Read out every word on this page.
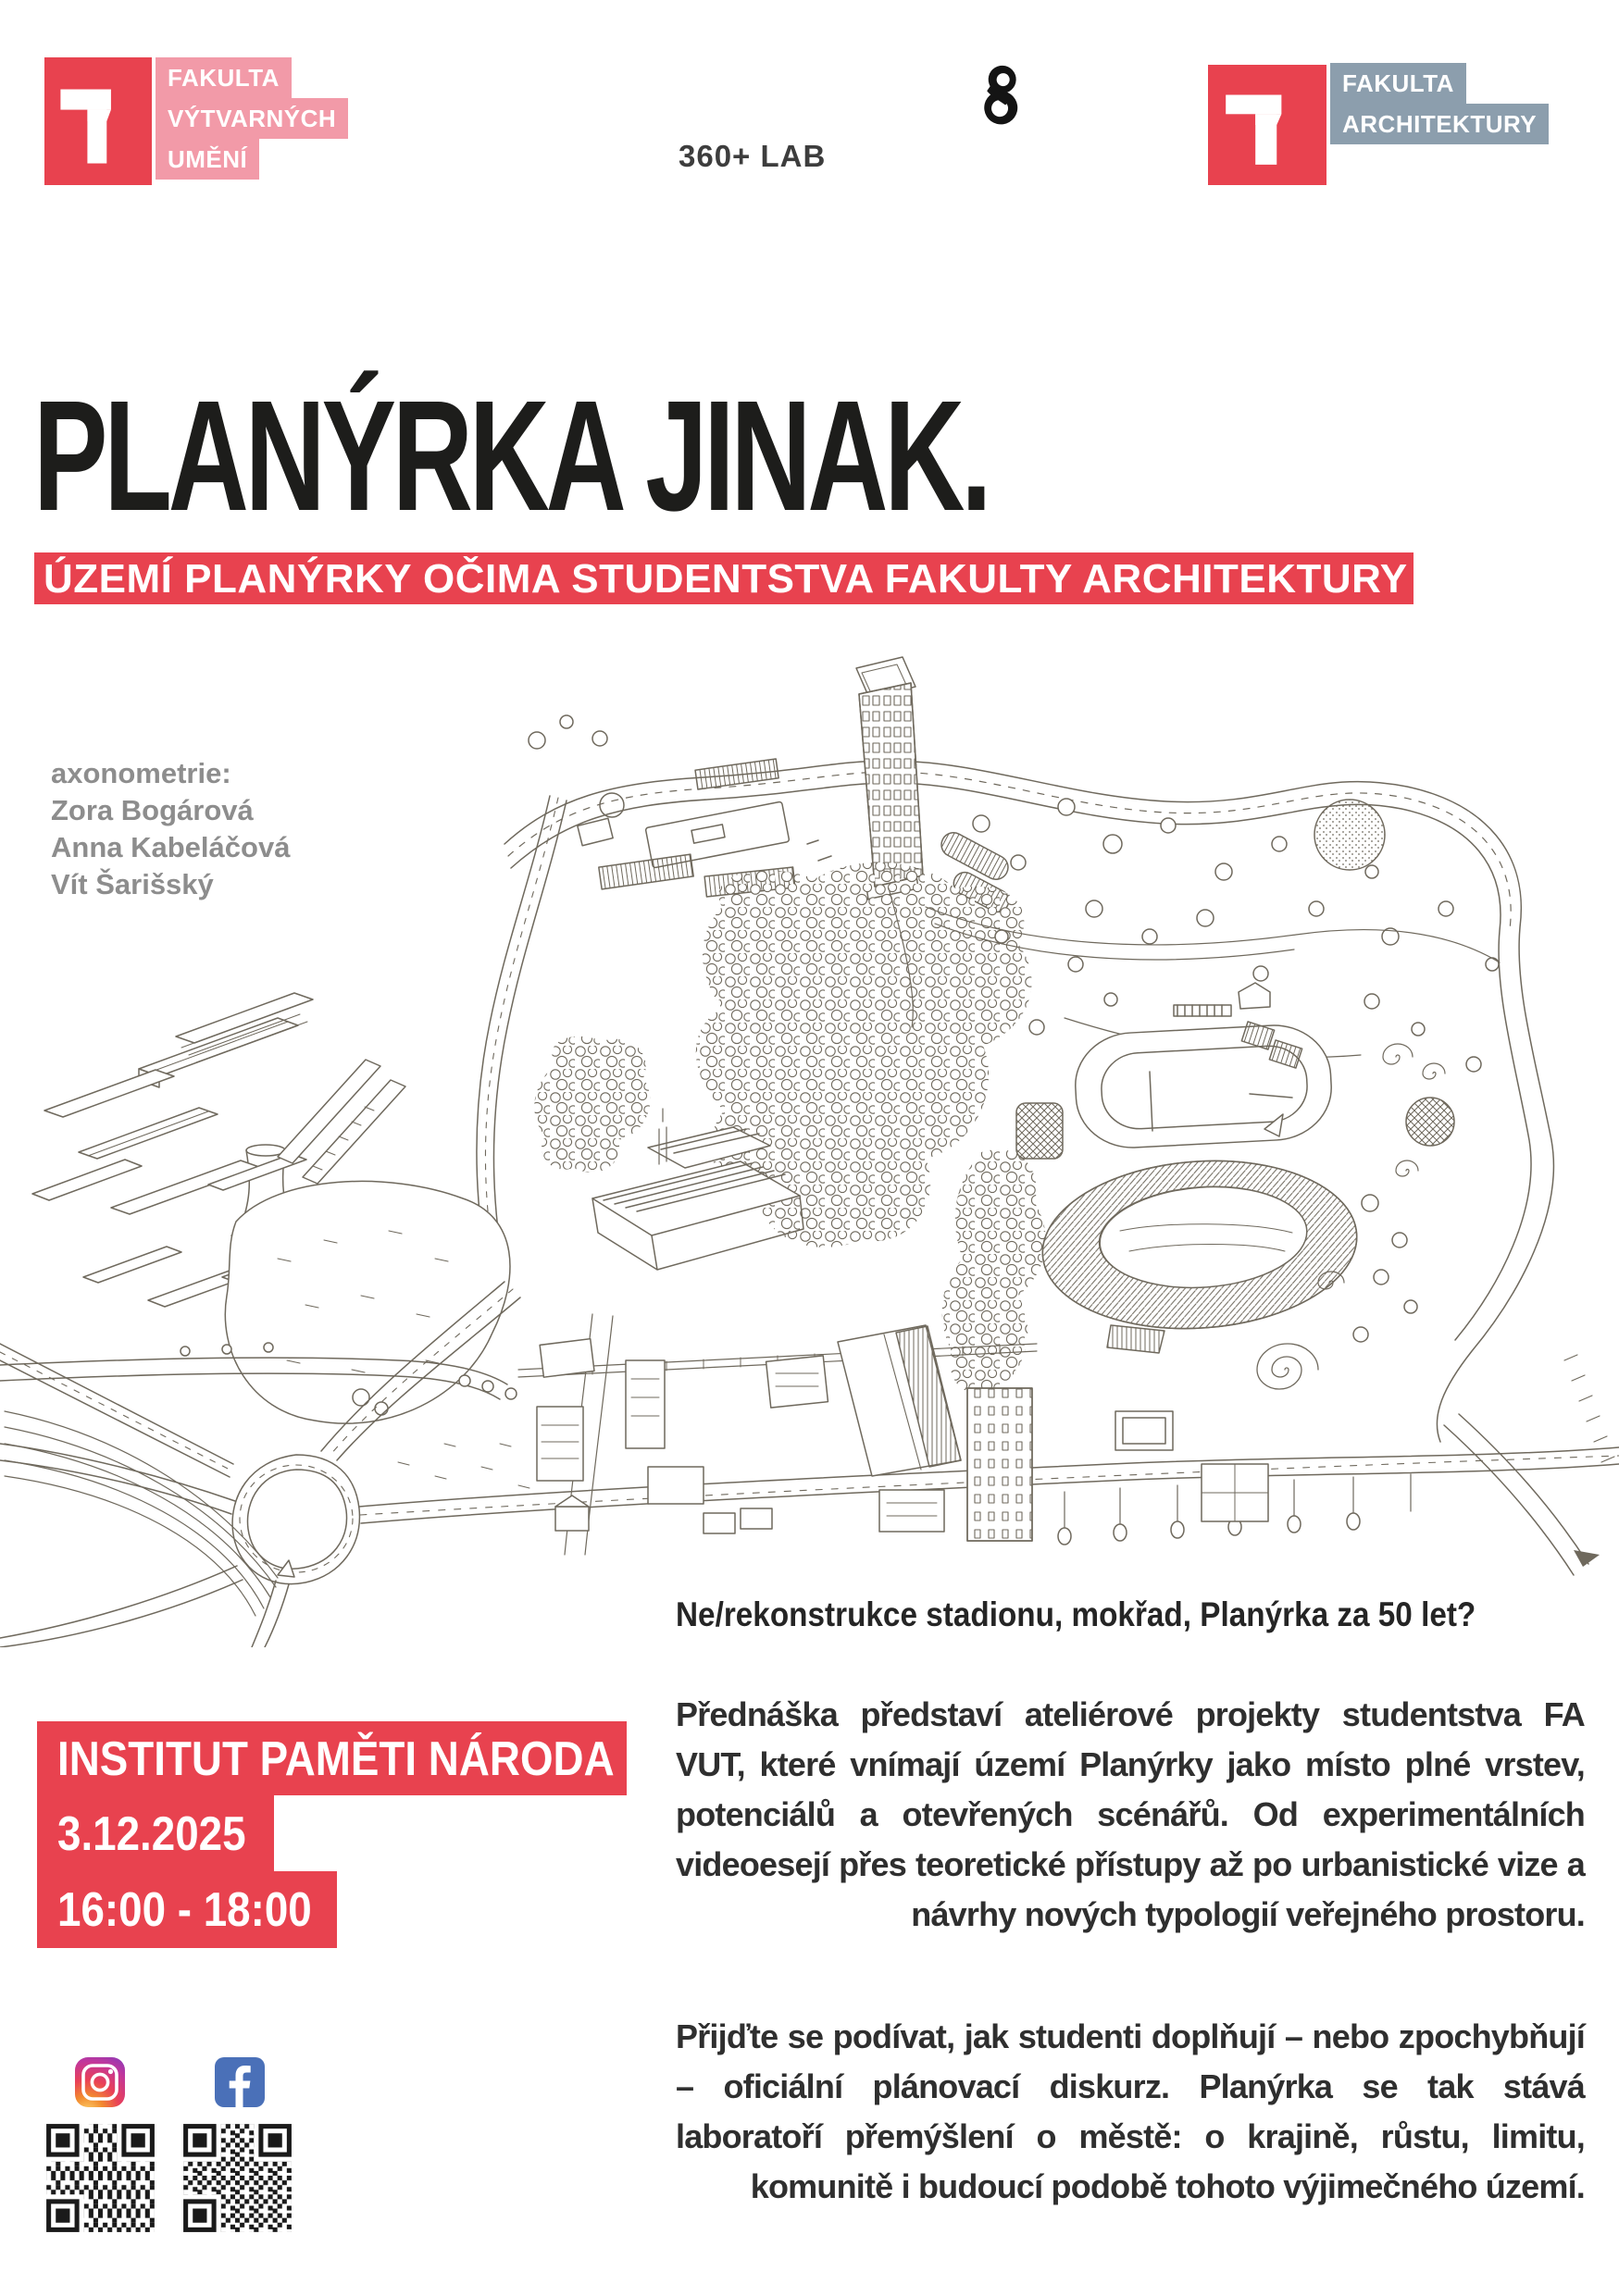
FAKULTA
VÝTVARNÝCH
UMĚNÍ	360+ LAB
FAKULTA
ARCHITEKTURY
PLANÝRKA JINAK.
ÚZEMÍ PLANÝRKY OČIMA STUDENTSTVA FAKULTY ARCHITEKTURY
axonometrie:
Zora Bogárová
Anna Kabeláčová
Vít Šarišský
INSTITUT PAMĚTI NÁRODA
3.12.2025
16:00 - 18:00
Ne/rekonstrukce stadionu, mokřad, Planýrka za 50 let?

Přednáška představí ateliérové projekty studentstva FA VUT, které vnímají území Planýrky jako místo plné vrstev, potenciálů a otevřených scénářů. Od experimentálních videoesejí přes teoretické přístupy až po urbanistické vize a návrhy nových typologií veřejného prostoru.

Přijďte se podívat, jak studenti doplňují – nebo zpochybňují – oficiální plánovací diskurz. Planýrka se tak stává laboratoří přemýšlení o městě: o krajině, růstu, limitu, komunitě i budoucí podobě tohoto výjimečného území.
